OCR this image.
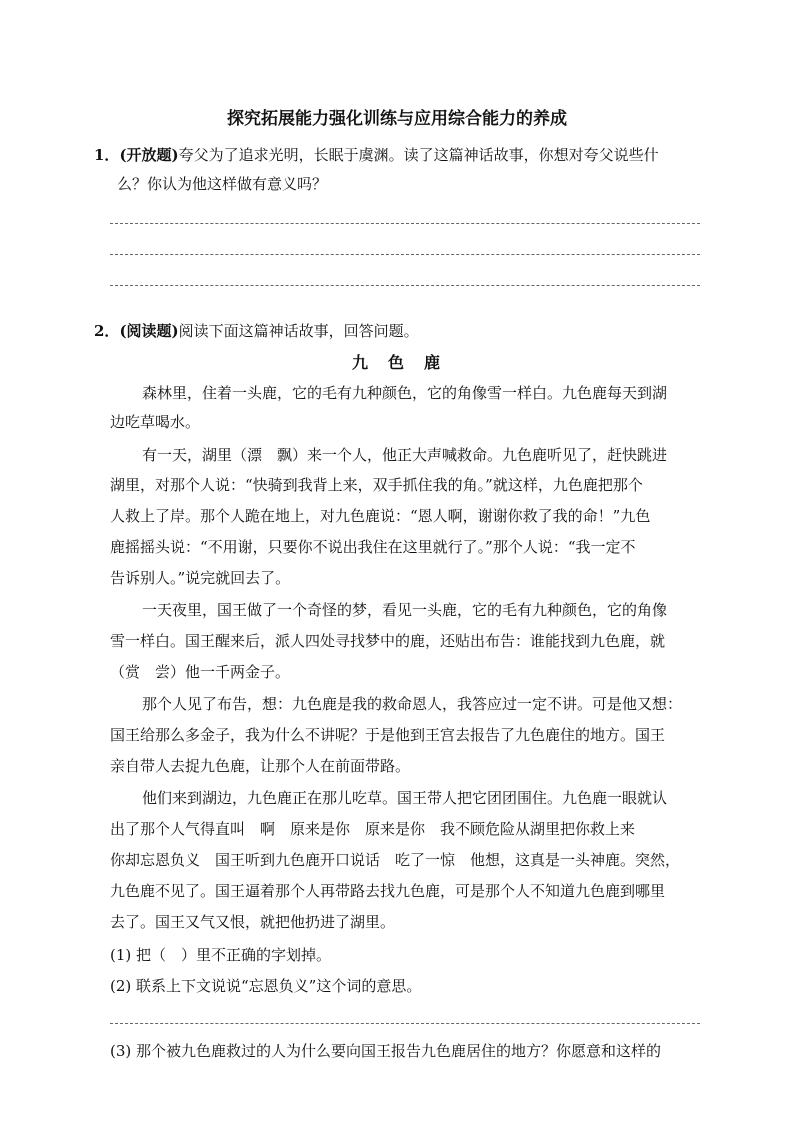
探究拓展能力强化训练与应用综合能力的养成
1．(开放题)夸父为了追求光明，长眠于虞渊。读了这篇神话故事，你想对夸父说些什
么？你认为他这样做有意义吗？
2．(阅读题)阅读下面这篇神话故事，回答问题。
九　色　鹿
森林里，住着一头鹿，它的毛有九种颜色，它的角像雪一样白。九色鹿每天到湖
边吃草喝水。
有一天，湖里（漂　飘）来一个人，他正大声喊救命。九色鹿听见了，赶快跳进
湖里，对那个人说：“快骑到我背上来，双手抓住我的角。”就这样，九色鹿把那个
人救上了岸。那个人跪在地上，对九色鹿说：“恩人啊，谢谢你救了我的命！”九色
鹿摇摇头说：“不用谢，只要你不说出我住在这里就行了。”那个人说：“我一定不
告诉别人。”说完就回去了。
一天夜里，国王做了一个奇怪的梦，看见一头鹿，它的毛有九种颜色，它的角像
雪一样白。国王醒来后，派人四处寻找梦中的鹿，还贴出布告：谁能找到九色鹿，就
（赏　尝）他一千两金子。
那个人见了布告，想：九色鹿是我的救命恩人，我答应过一定不讲。可是他又想：
国王给那么多金子，我为什么不讲呢？于是他到王宫去报告了九色鹿住的地方。国王
亲自带人去捉九色鹿，让那个人在前面带路。
他们来到湖边，九色鹿正在那儿吃草。国王带人把它团团围住。九色鹿一眼就认
出了那个人气得直叫　啊　原来是你　原来是你　我不顾危险从湖里把你救上来
你却忘恩负义　国王听到九色鹿开口说话　吃了一惊　他想，这真是一头神鹿。突然，
九色鹿不见了。国王逼着那个人再带路去找九色鹿，可是那个人不知道九色鹿到哪里
去了。国王又气又恨，就把他扔进了湖里。
(1) 把（　）里不正确的字划掉。
(2) 联系上下文说说“忘恩负义”这个词的意思。
(3) 那个被九色鹿救过的人为什么要向国王报告九色鹿居住的地方？你愿意和这样的
